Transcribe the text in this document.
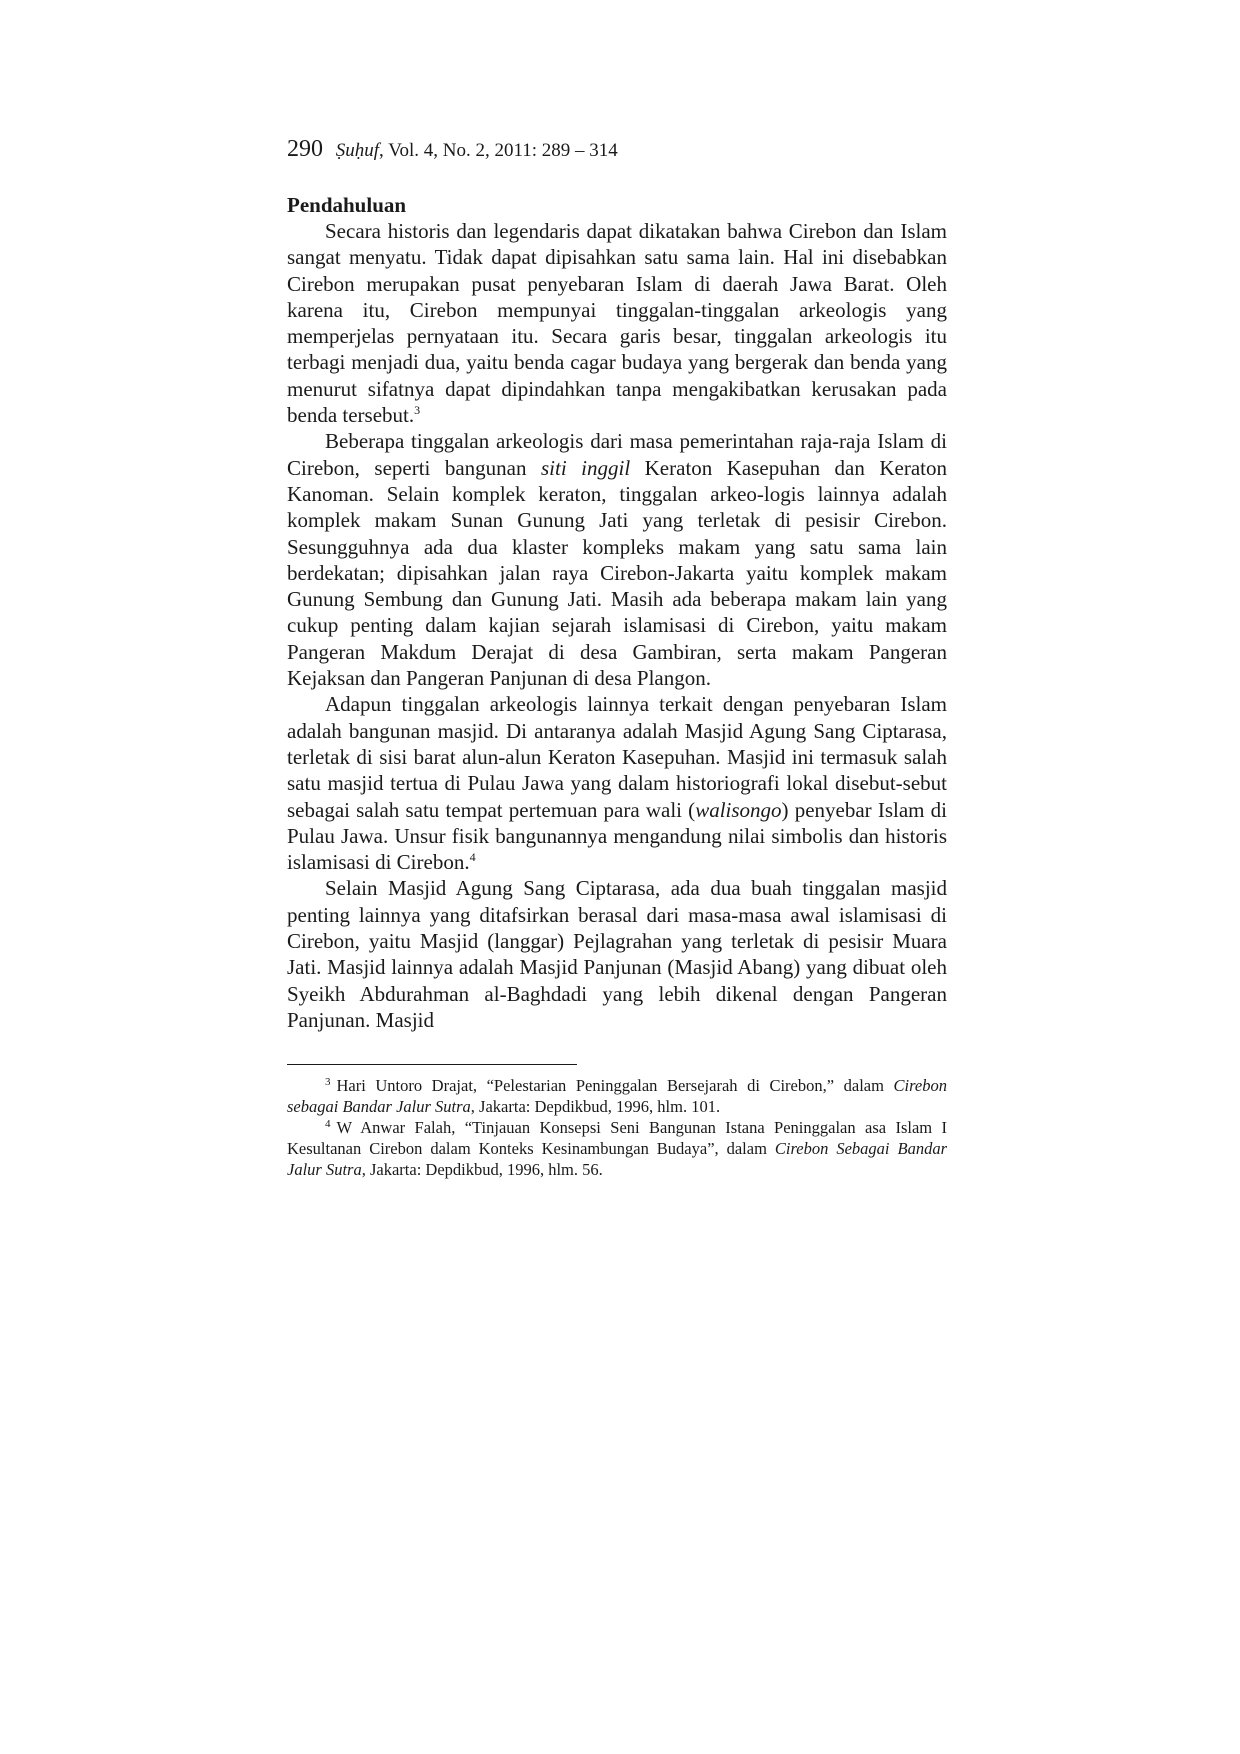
290 Ṣuḥuf, Vol. 4, No. 2, 2011: 289 – 314
Pendahuluan

Secara historis dan legendaris dapat dikatakan bahwa Cirebon dan Islam sangat menyatu. Tidak dapat dipisahkan satu sama lain. Hal ini disebabkan Cirebon merupakan pusat penyebaran Islam di daerah Jawa Barat. Oleh karena itu, Cirebon mempunyai tinggalan-tinggalan arkeologis yang memperjelas pernyataan itu. Secara garis besar, tinggalan arkeologis itu terbagi menjadi dua, yaitu benda cagar budaya yang bergerak dan benda yang menurut sifatnya dapat dipindahkan tanpa mengakibatkan kerusakan pada benda tersebut.$^3$

Beberapa tinggalan arkeologis dari masa pemerintahan raja-raja Islam di Cirebon, seperti bangunan siti inggil Keraton Kasepuhan dan Keraton Kanoman. Selain komplek keraton, tinggalan arkeo-logis lainnya adalah komplek makam Sunan Gunung Jati yang terletak di pesisir Cirebon. Sesungguhnya ada dua klaster kompleks makam yang satu sama lain berdekatan; dipisahkan jalan raya Cirebon-Jakarta yaitu komplek makam Gunung Sembung dan Gunung Jati. Masih ada beberapa makam lain yang cukup penting dalam kajian sejarah islamisasi di Cirebon, yaitu makam Pangeran Makdum Derajat di desa Gambiran, serta makam Pangeran Kejaksan dan Pangeran Panjunan di desa Plangon.

Adapun tinggalan arkeologis lainnya terkait dengan penyebaran Islam adalah bangunan masjid. Di antaranya adalah Masjid Agung Sang Ciptarasa, terletak di sisi barat alun-alun Keraton Kasepuhan. Masjid ini termasuk salah satu masjid tertua di Pulau Jawa yang dalam historiografi lokal disebut-sebut sebagai salah satu tempat pertemuan para wali (walisongo) penyebar Islam di Pulau Jawa. Unsur fisik bangunannya mengandung nilai simbolis dan historis islamisasi di Cirebon.$^4$

Selain Masjid Agung Sang Ciptarasa, ada dua buah tinggalan masjid penting lainnya yang ditafsirkan berasal dari masa-masa awal islamisasi di Cirebon, yaitu Masjid (langgar) Pejlagrahan yang terletak di pesisir Muara Jati. Masjid lainnya adalah Masjid Panjunan (Masjid Abang) yang dibuat oleh Syeikh Abdurahman al-Baghdadi yang lebih dikenal dengan Pangeran Panjunan. Masjid

$^3$ Hari Untoro Drajat, “Pelestarian Peninggalan Bersejarah di Cirebon,” dalam Cirebon sebagai Bandar Jalur Sutra, Jakarta: Depdikbud, 1996, hlm. 101.

$^4$ W Anwar Falah, “Tinjauan Konsepsi Seni Bangunan Istana Peninggalan asa Islam I Kesultanan Cirebon dalam Konteks Kesinambungan Budaya”, dalam Cirebon Sebagai Bandar Jalur Sutra, Jakarta: Depdikbud, 1996, hlm. 56.
